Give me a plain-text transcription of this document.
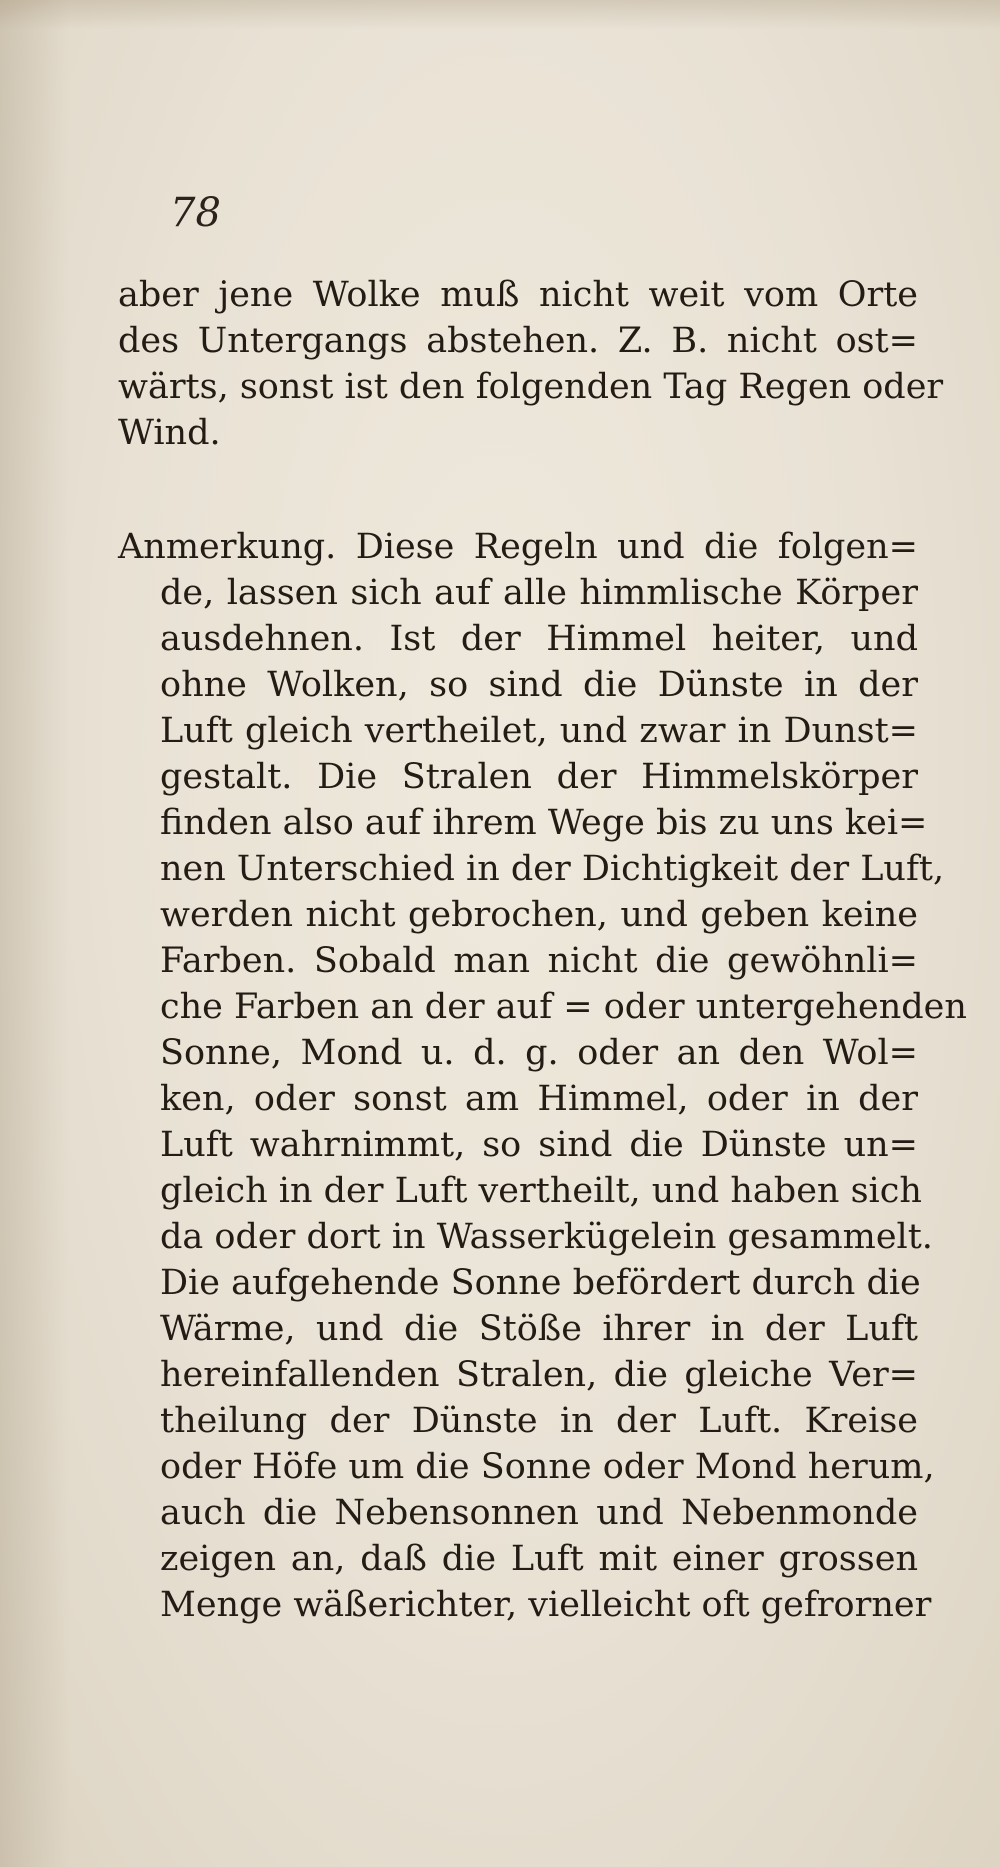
78
aber jene Wolke muß nicht weit vom Orte
des Untergangs abstehen. Z. B. nicht ost=
wärts, sonst ist den folgenden Tag Regen oder
Wind.
Anmerkung. Diese Regeln und die folgen=
de, lassen sich auf alle himmlische Körper
ausdehnen. Ist der Himmel heiter, und
ohne Wolken, so sind die Dünste in der
Luft gleich vertheilet, und zwar in Dunst=
gestalt. Die Stralen der Himmelskörper
finden also auf ihrem Wege bis zu uns kei=
nen Unterschied in der Dichtigkeit der Luft,
werden nicht gebrochen, und geben keine
Farben. Sobald man nicht die gewöhnli=
che Farben an der auf = oder untergehenden
Sonne, Mond u. d. g. oder an den Wol=
ken, oder sonst am Himmel, oder in der
Luft wahrnimmt, so sind die Dünste un=
gleich in der Luft vertheilt, und haben sich
da oder dort in Wasserkügelein gesammelt.
Die aufgehende Sonne befördert durch die
Wärme, und die Stöße ihrer in der Luft
hereinfallenden Stralen, die gleiche Ver=
theilung der Dünste in der Luft. Kreise
oder Höfe um die Sonne oder Mond herum,
auch die Nebensonnen und Nebenmonde
zeigen an, daß die Luft mit einer grossen
Menge wäßerichter, vielleicht oft gefrorner
